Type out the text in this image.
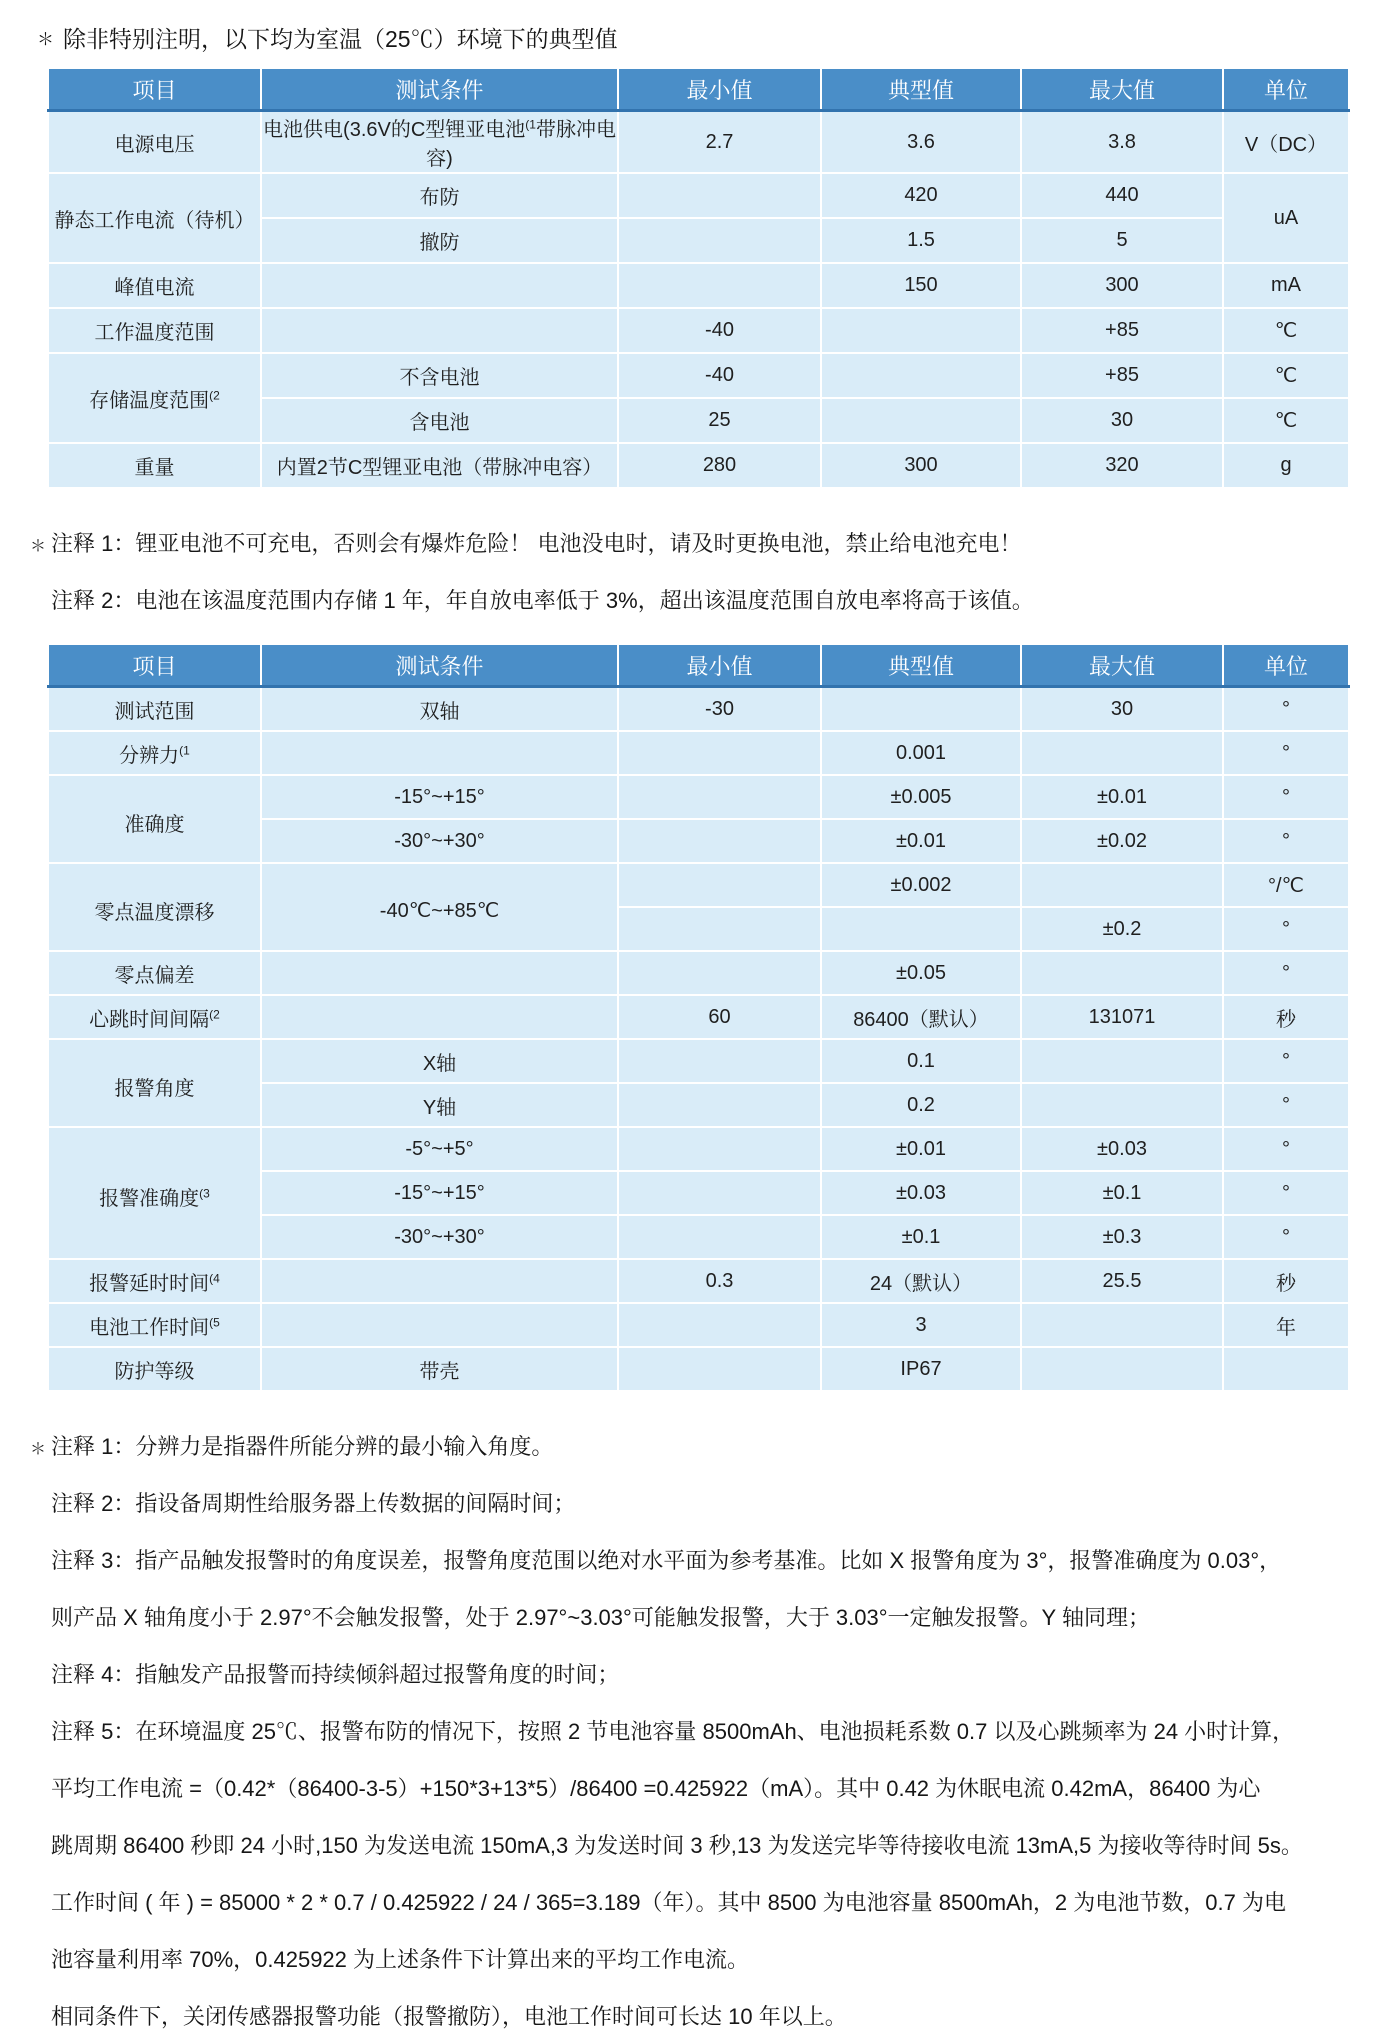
＊ 除非特别注明，以下均为室温（25℃）环境下的典型值
项目	测试条件	最小值	典型值	最大值	单位
电源电压	电池供电(3.6V的C型锂亚电池$^{(1}$带脉冲电容)	2.7	3.6	3.8	V（DC）
静态工作电流（待机）	布防		420	440	uA
	撤防		1.5	5	
峰值电流			150	300	mA
工作温度范围		-40		+85	℃
存储温度范围$^{(2}$	不含电池	-40		+85	℃
	含电池	25		30	℃
重量	内置2节C型锂亚电池（带脉冲电容）	280	300	320	g

＊ 注释 1：锂亚电池不可充电，否则会有爆炸危险！ 电池没电时，请及时更换电池，禁止给电池充电！

注释 2：电池在该温度范围内存储 1 年，年自放电率低于 3%，超出该温度范围自放电率将高于该值。

项目	测试条件	最小值	典型值	最大值	单位
测试范围	双轴	-30		30	°
分辨力$^{(1}$			0.001		°
准确度	-15°~+15°		±0.005	±0.01	°
	-30°~+30°		±0.01	±0.02	°
零点温度漂移	-40℃~+85℃		±0.002		°/℃
				±0.2	°
零点偏差			±0.05		°
心跳时间间隔$^{(2}$		60	86400（默认）	131071	秒
报警角度	X轴		0.1		°
	Y轴		0.2		°
报警准确度$^{(3}$	-5°~+5°		±0.01	±0.03	°
	-15°~+15°		±0.03	±0.1	°
	-30°~+30°		±0.1	±0.3	°
报警延时时间$^{(4}$		0.3	24（默认）	25.5	秒
电池工作时间$^{(5}$			3		年
防护等级	带壳		IP67		

＊ 注释 1：分辨力是指器件所能分辨的最小输入角度。

注释 2：指设备周期性给服务器上传数据的间隔时间；

注释 3：指产品触发报警时的角度误差，报警角度范围以绝对水平面为参考基准。比如 X 报警角度为 3°，报警准确度为 0.03°，

则产品 X 轴角度小于 2.97°不会触发报警，处于 2.97°~3.03°可能触发报警，大于 3.03°一定触发报警。Y 轴同理；

注释 4：指触发产品报警而持续倾斜超过报警角度的时间；

注释 5：在环境温度 25℃、报警布防的情况下，按照 2 节电池容量 8500mAh、电池损耗系数 0.7 以及心跳频率为 24 小时计算，

平均工作电流 =（0.42*（86400-3-5）+150*3+13*5）/86400 =0.425922（mA）。其中 0.42 为休眠电流 0.42mA，86400 为心

跳周期 86400 秒即 24 小时,150 为发送电流 150mA,3 为发送时间 3 秒,13 为发送完毕等待接收电流 13mA,5 为接收等待时间 5s。

工作时间 ( 年 ) = 85000 * 2 * 0.7 / 0.425922 / 24 / 365=3.189（年）。其中 8500 为电池容量 8500mAh，2 为电池节数，0.7 为电

池容量利用率 70%，0.425922 为上述条件下计算出来的平均工作电流。

相同条件下，关闭传感器报警功能（报警撤防），电池工作时间可长达 10 年以上。
